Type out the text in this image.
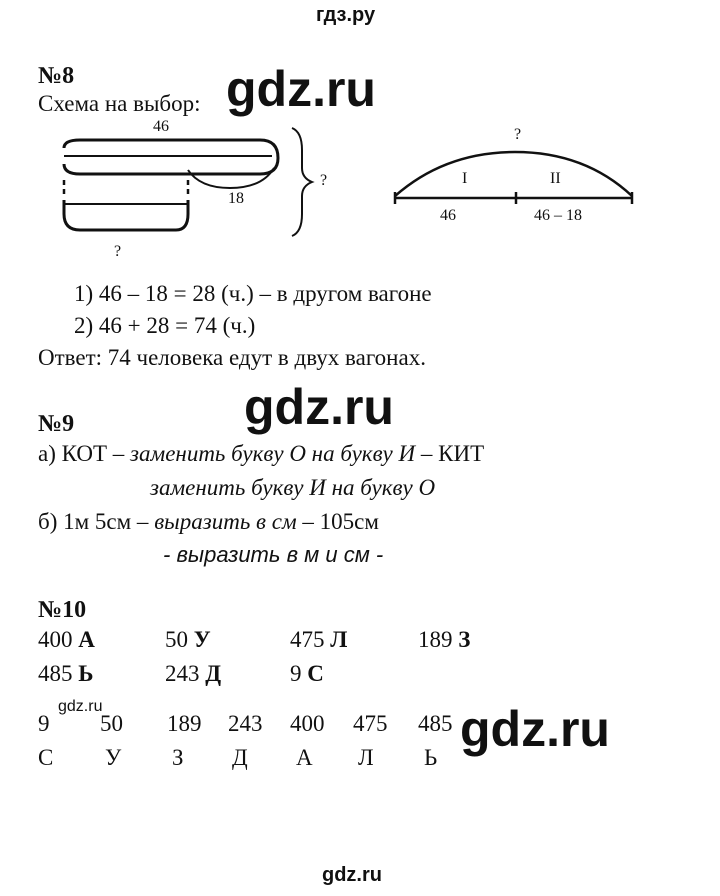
гдз.ру
№8
Схема на выбор: gdz.ru
46
18
?
?
?
I	II
46	46 – 18
1) 46 – 18 = 28 (ч.) – в другом вагоне
2) 46 + 28 = 74 (ч.)
Ответ: 74 человека едут в двух вагонах.
№9	gdz.ru
а) КОТ – заменить букву О на букву И – КИТ
заменить букву И на букву О
б) 1м 5см – выразить в см – 105см
- выразить в м и см -
№10
400 А	50 У	475 Л	189 З
485 Ь	243 Д	9 С
9 50 189 243 400 475 485
С У З Д А Л Ь
gdz.ru	gdz.ru
gdz.ru
